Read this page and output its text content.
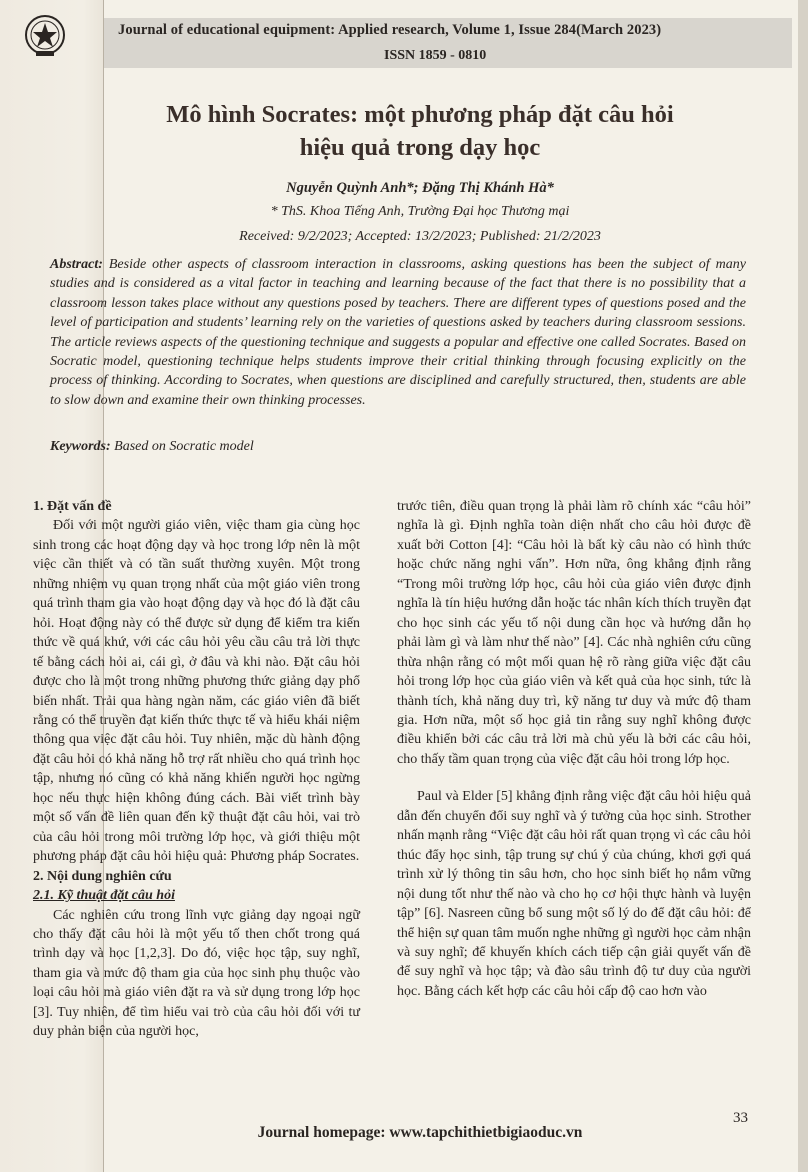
Journal of educational equipment: Applied research, Volume 1, Issue 284(March 2023)
ISSN 1859 - 0810
Mô hình Socrates: một phương pháp đặt câu hỏi
hiệu quả trong dạy học
Nguyễn Quỳnh Anh*; Đặng Thị Khánh Hà*
* ThS. Khoa Tiếng Anh, Trường Đại học Thương mại
Received: 9/2/2023; Accepted: 13/2/2023; Published: 21/2/2023
Abstract: Beside other aspects of classroom interaction in classrooms, asking questions has been the subject of many studies and is considered as a vital factor in teaching and learning because of the fact that there is no possibility that a classroom lesson takes place without any questions posed by teachers. There are different types of questions posed and the level of participation and students’ learning rely on the varieties of questions asked by teachers during classroom sessions. The article reviews aspects of the questioning technique and suggests a popular and effective one called Socrates. Based on Socratic model, questioning technique helps students improve their critial thinking through focusing explicitly on the process of thinking. According to Socrates, when questions are disciplined and carefully structured, then, students are able to slow down and examine their own thinking processes.
Keywords: Based on Socratic model
1. Đặt vấn đề

Đối với một người giáo viên, việc tham gia cùng học sinh trong các hoạt động dạy và học trong lớp nên là một việc cần thiết và có tần suất thường xuyên. Một trong những nhiệm vụ quan trọng nhất của một giáo viên trong quá trình tham gia vào hoạt động dạy và học đó là đặt câu hỏi. Hoạt động này có thể được sử dụng để kiểm tra kiến thức về quá khứ, với các câu hỏi yêu cầu câu trả lời thực tế bằng cách hỏi ai, cái gì, ở đâu và khi nào. Đặt câu hỏi được cho là một trong những phương thức giảng dạy phổ biến nhất. Trải qua hàng ngàn năm, các giáo viên đã biết rằng có thể truyền đạt kiến thức thực tế và hiểu khái niệm thông qua việc đặt câu hỏi. Tuy nhiên, mặc dù hành động đặt câu hỏi có khả năng hỗ trợ rất nhiều cho quá trình học tập, nhưng nó cũng có khả năng khiến người học ngừng học nếu thực hiện không đúng cách. Bài viết trình bày một số vấn đề liên quan đến kỹ thuật đặt câu hỏi, vai trò của câu hỏi trong môi trường lớp học, và giới thiệu một phương pháp đặt câu hỏi hiệu quả: Phương pháp Socrates.

2. Nội dung nghiên cứu
2.1. Kỹ thuật đặt câu hỏi

Các nghiên cứu trong lĩnh vực giảng dạy ngoại ngữ cho thấy đặt câu hỏi là một yếu tố then chốt trong quá trình dạy và học [1,2,3]. Do đó, việc học tập, suy nghĩ, tham gia và mức độ tham gia của học sinh phụ thuộc vào loại câu hỏi mà giáo viên đặt ra và sử dụng trong lớp học [3]. Tuy nhiên, để tìm hiểu vai trò của câu hỏi đối với tư duy phản biện của người học,

trước tiên, điều quan trọng là phải làm rõ chính xác “câu hỏi” nghĩa là gì. Định nghĩa toàn diện nhất cho câu hỏi được đề xuất bởi Cotton [4]: “Câu hỏi là bất kỳ câu nào có hình thức hoặc chức năng nghi vấn”. Hơn nữa, ông khẳng định rằng “Trong môi trường lớp học, câu hỏi của giáo viên được định nghĩa là tín hiệu hướng dẫn hoặc tác nhân kích thích truyền đạt cho học sinh các yếu tố nội dung cần học và hướng dẫn họ phải làm gì và làm như thế nào” [4]. Các nhà nghiên cứu cũng thừa nhận rằng có một mối quan hệ rõ ràng giữa việc đặt câu hỏi trong lớp học của giáo viên và kết quả của học sinh, tức là thành tích, khả năng duy trì, kỹ năng tư duy và mức độ tham gia. Hơn nữa, một số học giả tin rằng suy nghĩ không được điều khiển bởi các câu trả lời mà chủ yếu là bởi các câu hỏi, cho thấy tầm quan trọng của việc đặt câu hỏi trong lớp học.

Paul và Elder [5] khẳng định rằng việc đặt câu hỏi hiệu quả dẫn đến chuyển đổi suy nghĩ và ý tưởng của học sinh. Strother nhấn mạnh rằng “Việc đặt câu hỏi rất quan trọng vì các câu hỏi thúc đẩy học sinh, tập trung sự chú ý của chúng, khơi gợi quá trình xử lý thông tin sâu hơn, cho học sinh biết họ nắm vững nội dung tốt như thế nào và cho họ cơ hội thực hành và luyện tập” [6]. Nasreen cũng bổ sung một số lý do để đặt câu hỏi: để thể hiện sự quan tâm muốn nghe những gì người học cảm nhận và suy nghĩ; để khuyến khích cách tiếp cận giải quyết vấn đề để suy nghĩ và học tập; và đào sâu trình độ tư duy của người học. Bằng cách kết hợp các câu hỏi cấp độ cao hơn vào

33
Journal homepage: www.tapchithietbigiaoduc.vn
